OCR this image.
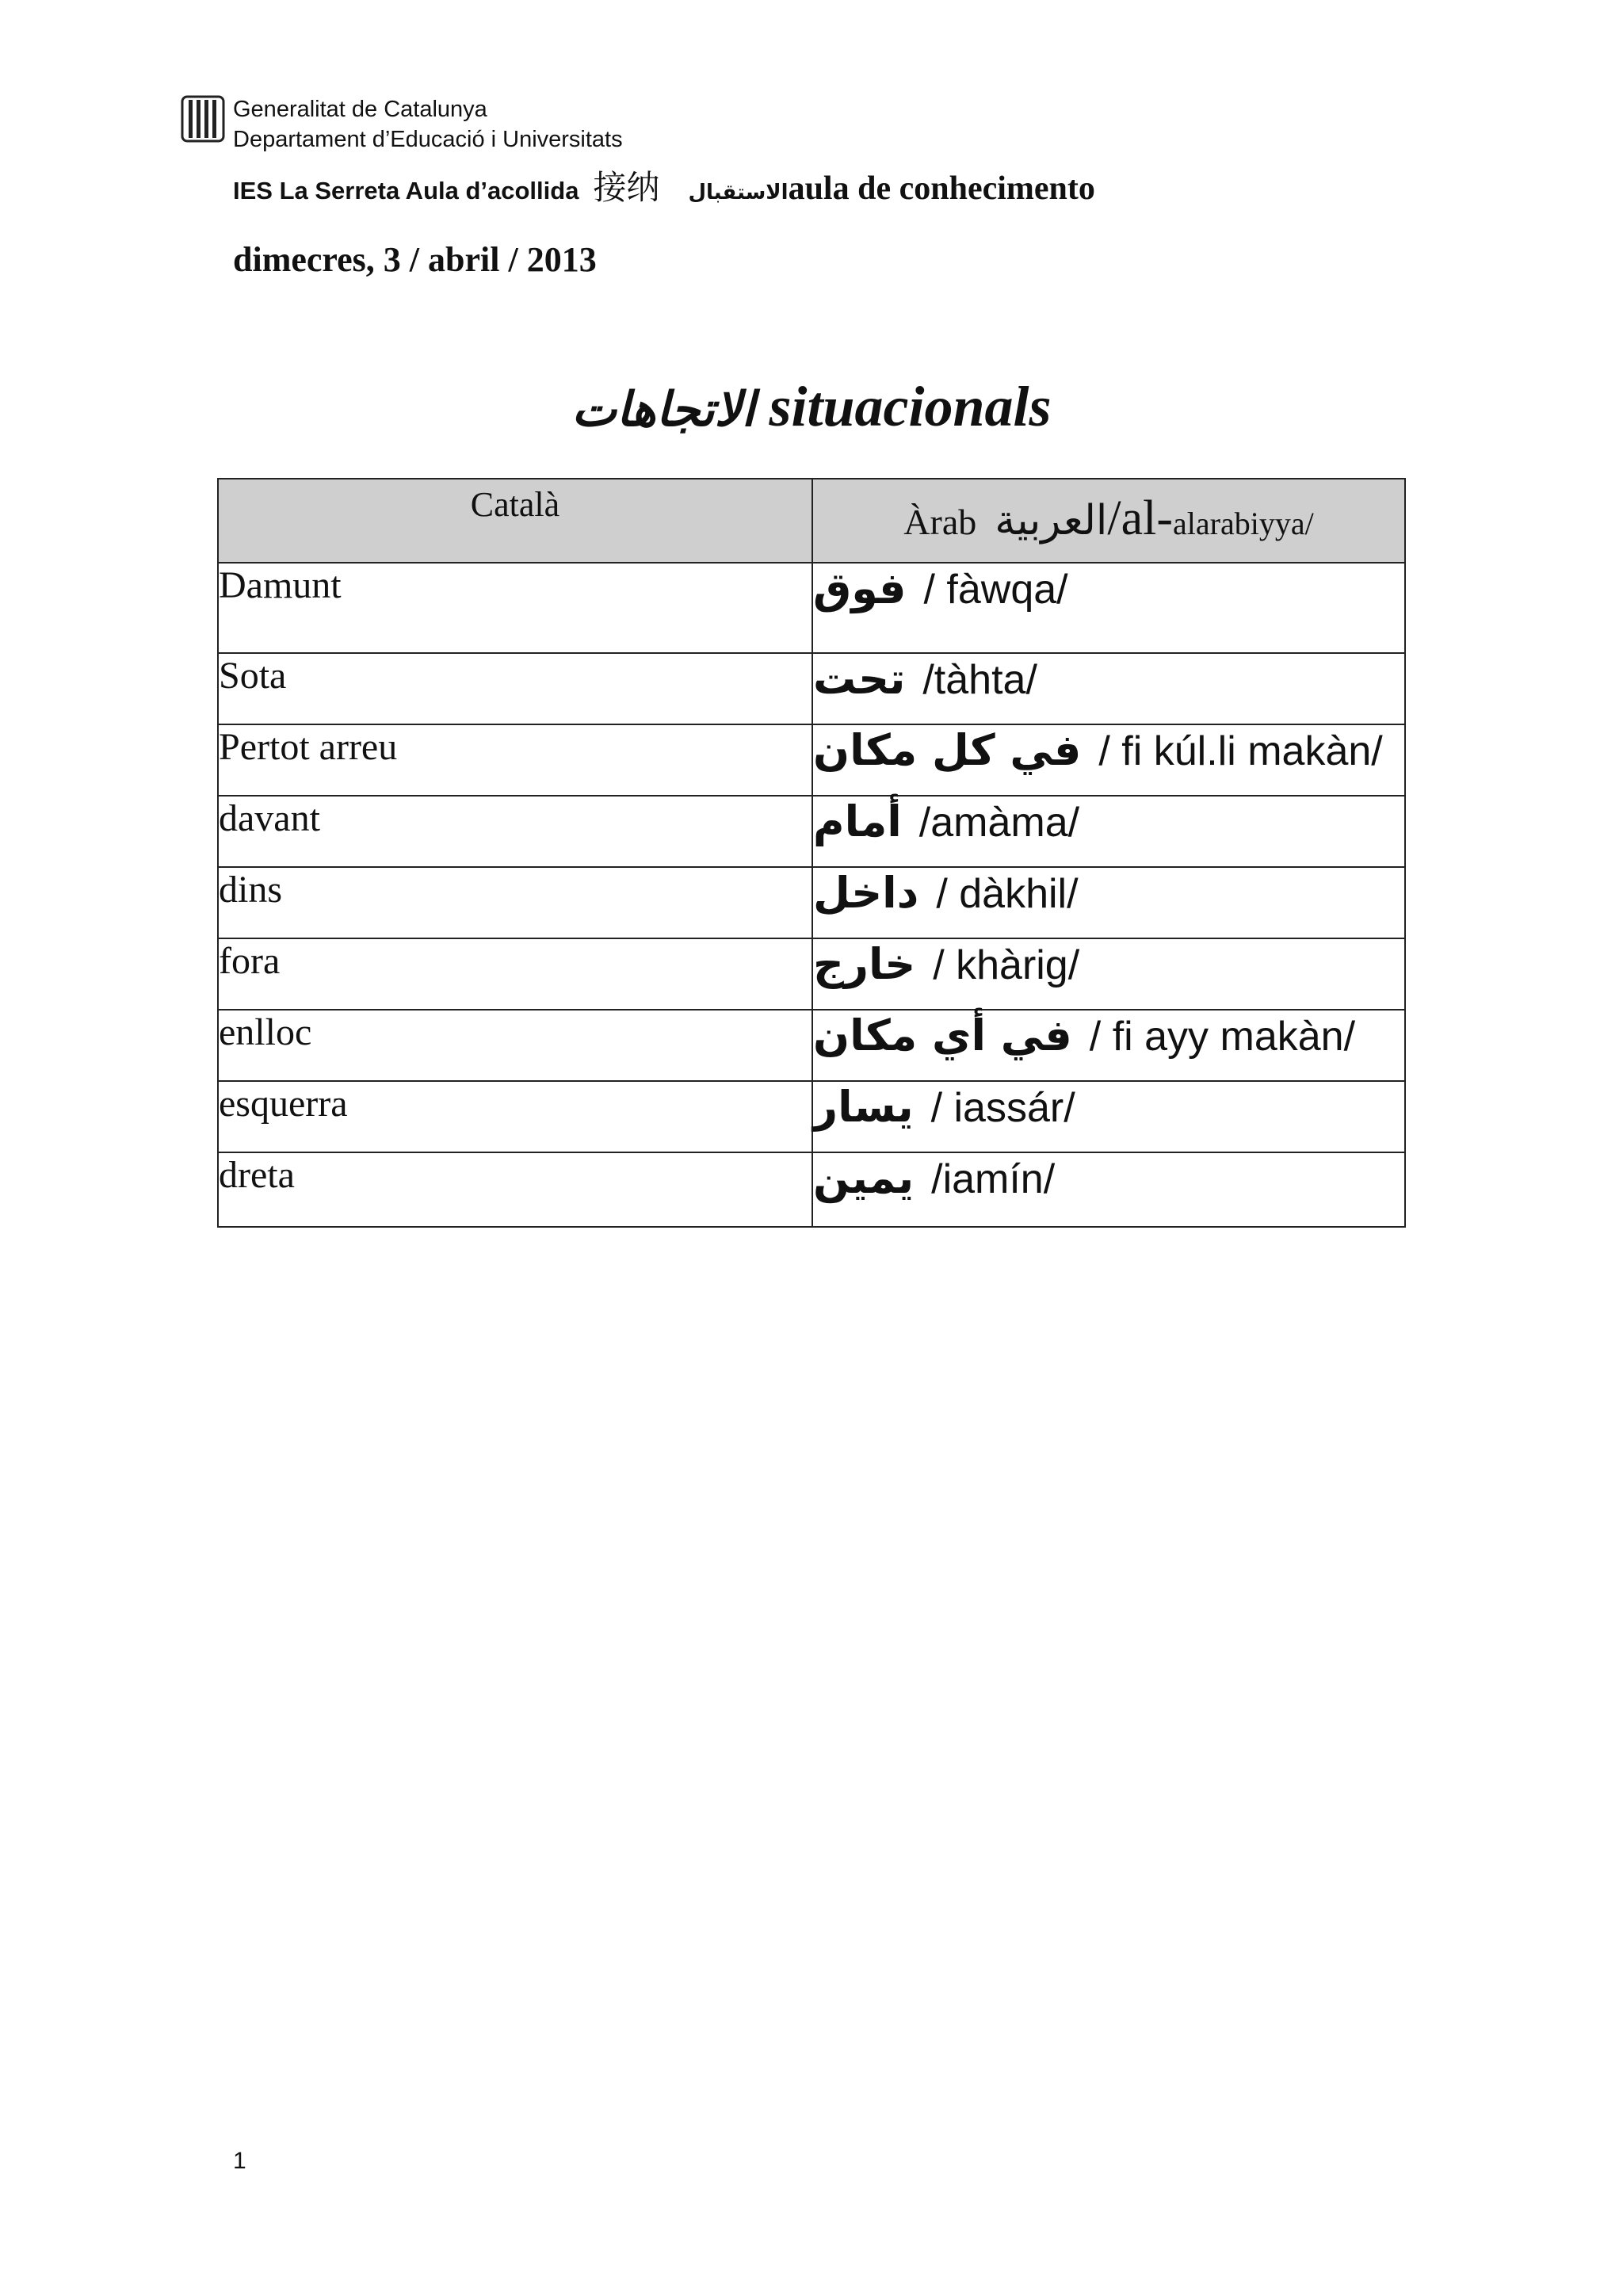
Generalitat de Catalunya
Departament d’Educació i Universitats
IES La Serreta Aula d’acollida 接纳 الاستقبال aula de conhecimento
dimecres, 3 / abril / 2013
الاتجاهات situacionals
Català	Àrab العربية/al-alarabiyya/
Damunt	فوق / fàwqa/
Sota	تحت /tàhta/
Pertot arreu	في كل مكان / fi kúl.li makàn/
davant	أمام /amàma/
dins	داخل / dàkhil/
fora	خارج / khàrig/
enlloc	في أي مكان / fi ayy makàn/
esquerra	يسار / iassár/
dreta	يمين /iamín/
1
